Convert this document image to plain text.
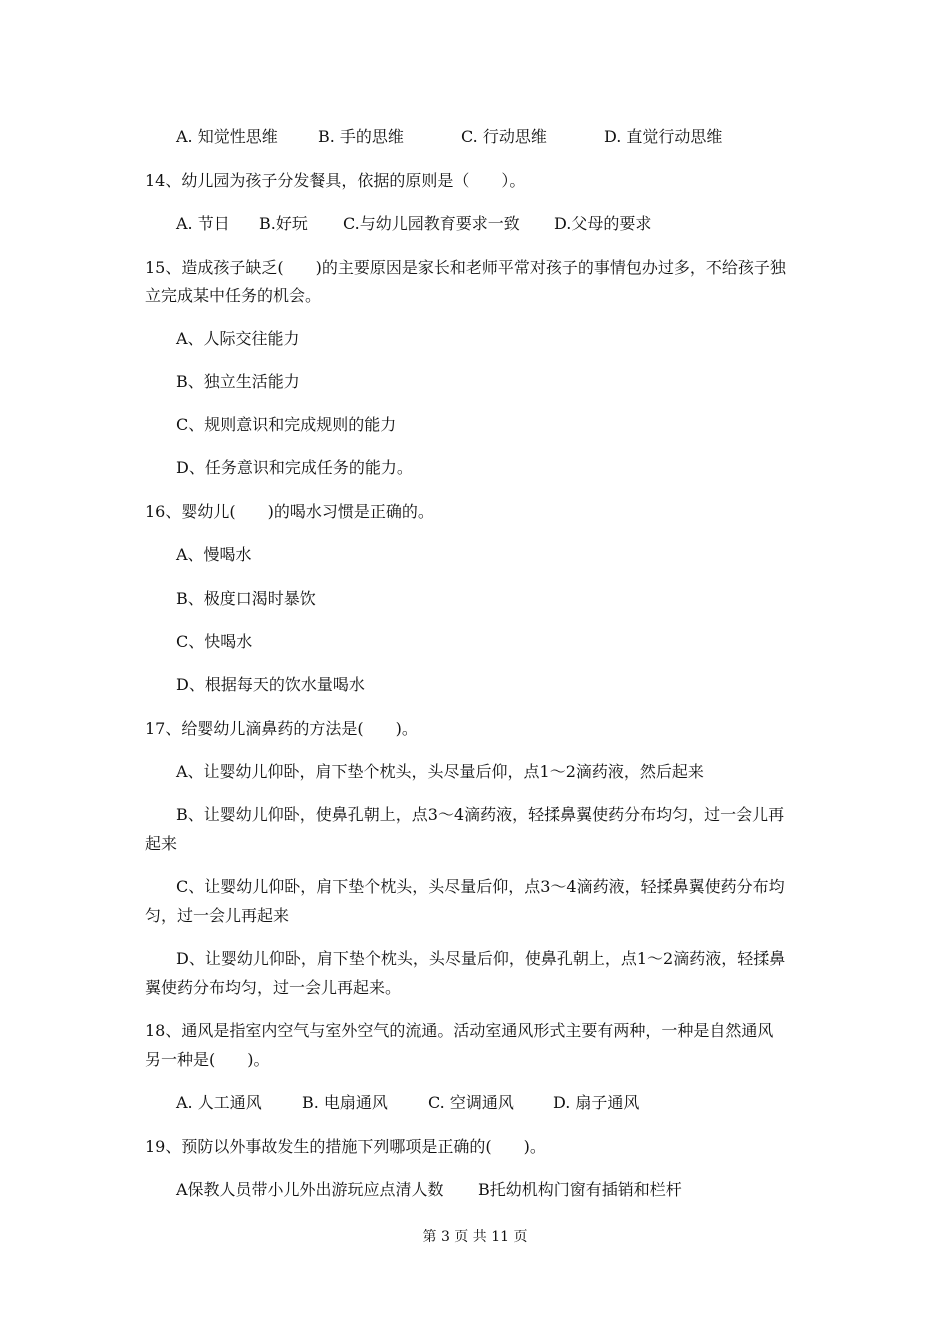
A. 知觉性思维

	B. 手的思维

	C. 行动思维

	D. 直觉行动思维

14、幼儿园为孩子分发餐具，依据的原则是（　　）。

A. 节日

B.好玩

C.与幼儿园教育要求一致

D.父母的要求

15、造成孩子缺乏(　　)的主要原因是家长和老师平常对孩子的事情包办过多，不给孩子独
立完成某中任务的机会。
A、人际交往能力
B、独立生活能力
C、规则意识和完成规则的能力
D、任务意识和完成任务的能力。
16、婴幼儿(　　)的喝水习惯是正确的。
A、慢喝水
B、极度口渴时暴饮
C、快喝水
D、根据每天的饮水量喝水
17、给婴幼儿滴鼻药的方法是(　　)。
A、让婴幼儿仰卧，肩下垫个枕头，头尽量后仰，点1～2滴药液，然后起来
B、让婴幼儿仰卧，使鼻孔朝上，点3～4滴药液，轻揉鼻翼使药分布均匀，过一会儿再
起来
C、让婴幼儿仰卧，肩下垫个枕头，头尽量后仰，点3～4滴药液，轻揉鼻翼使药分布均
匀，过一会儿再起来
D、让婴幼儿仰卧，肩下垫个枕头，头尽量后仰，使鼻孔朝上，点1～2滴药液，轻揉鼻
翼使药分布均匀，过一会儿再起来。
18、通风是指室内空气与室外空气的流通。活动室通风形式主要有两种，一种是自然通风
另一种是(　　)。

A. 人工通风

	B. 电扇通风

	C. 空调通风

D. 扇子通风

19、预防以外事故发生的措施下列哪项是正确的(　　)。

A保教人员带小儿外出游玩应点清人数

B托幼机构门窗有插销和栏杆

第 3 页 共 11 页
